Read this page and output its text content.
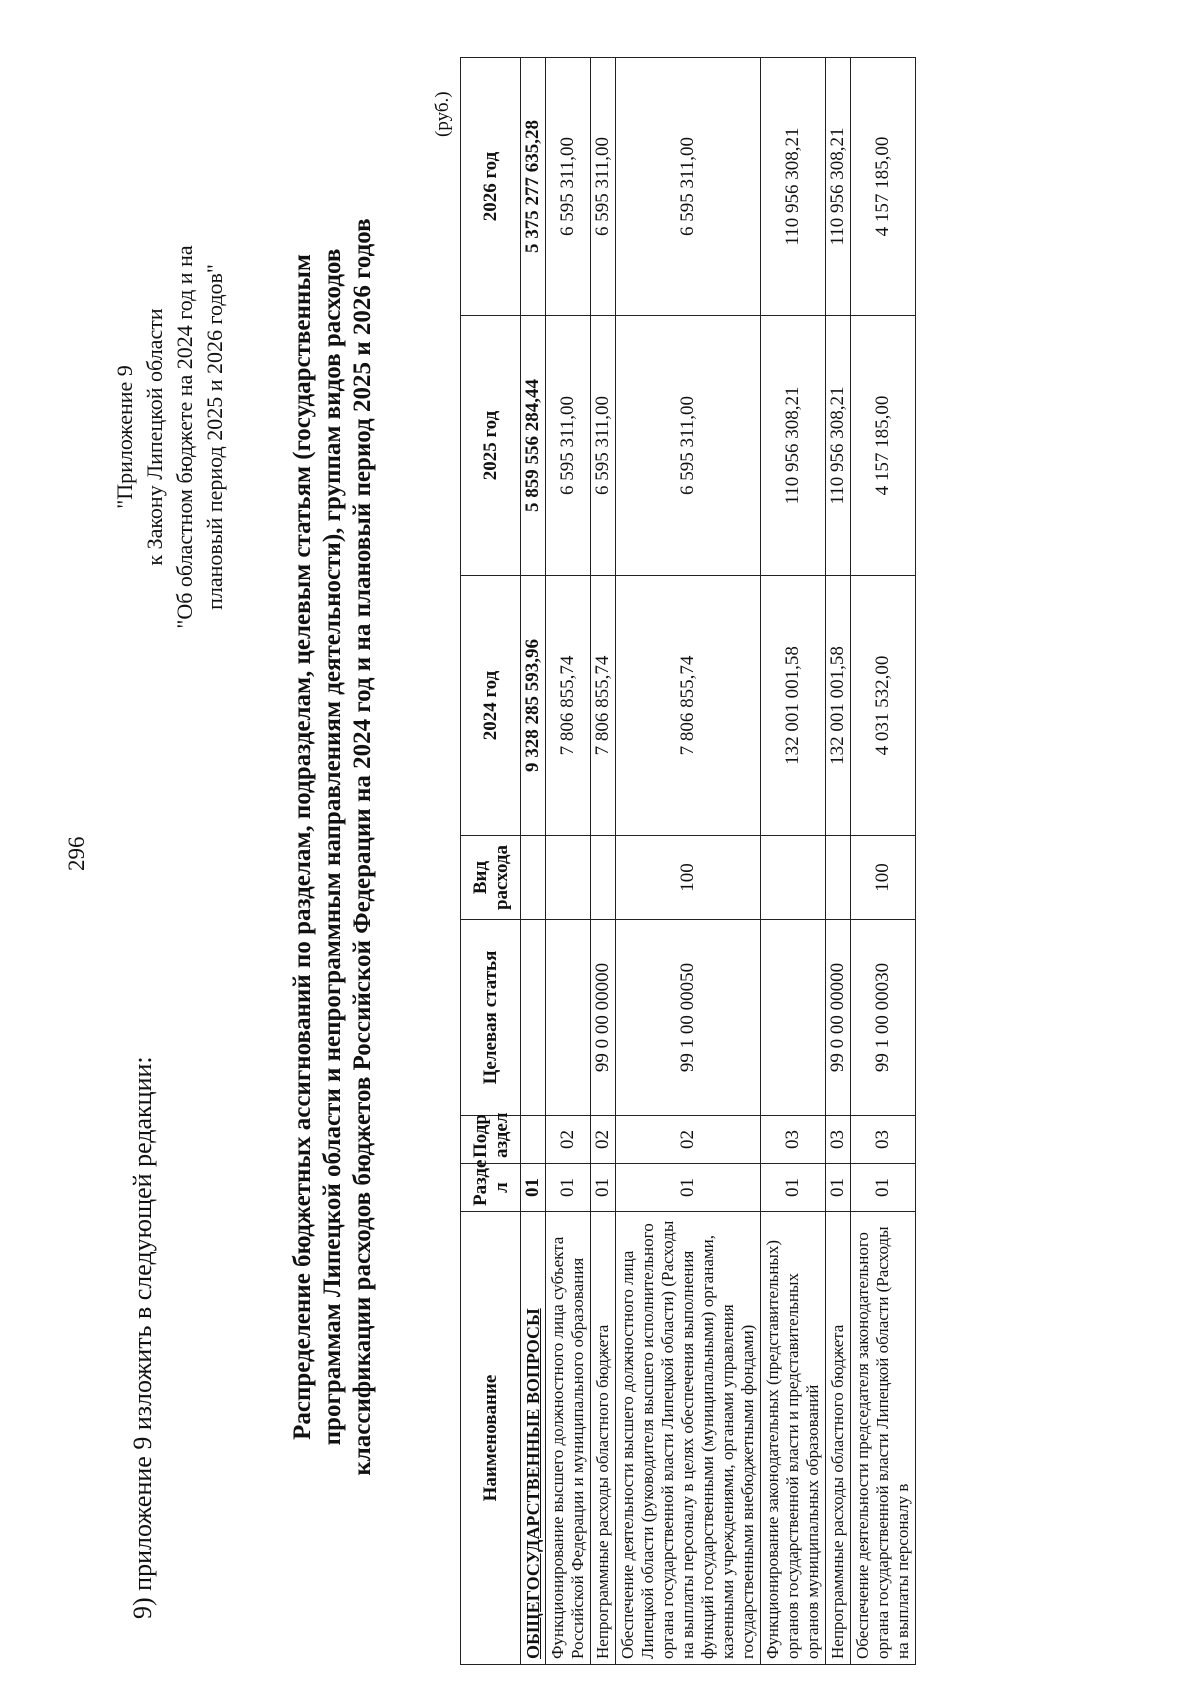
296
9) приложение 9 изложить в следующей редакции:
"Приложение 9 к Закону Липецкой области "Об областном бюджете на 2024 год и на плановый период 2025 и 2026 годов" Распределение бюджетных ассигнований по разделам, подразделам, целевым статьям (государственным программам Липецкой области и непрограммным направлениям деятельности), группам видов расходов классификации расходов бюджетов Российской Федерации на 2024 год и на плановый период 2025 и 2026 годов
(руб.)
Наименование	Разде л	Подр аздел	Целевая статья	Вид расхода	2024 год	2025 год	2026 год
ОБЩЕГОСУДАРСТВЕННЫЕ ВОПРОСЫ	01				9 328 285 593,96	5 859 556 284,44	5 375 277 635,28
Функционирование высшего должностного лица субъекта Российской Федерации и муниципального образования	01	02			7 806 855,74	6 595 311,00	6 595 311,00
Непрограммные расходы областного бюджета	01	02	99 0 00 00000		7 806 855,74	6 595 311,00	6 595 311,00
Обеспечение деятельности высшего должностного лица Липецкой области (руководителя высшего исполнительного органа государственной власти Липецкой области) (Расходы на выплаты персоналу в целях обеспечения выполнения функций государственными (муниципальными) органами, казенными учреждениями, органами управления государственными внебюджетными фондами)	01	02	99 1 00 00050	100	7 806 855,74	6 595 311,00	6 595 311,00
Функционирование законодательных (представительных) органов государственной власти и представительных органов муниципальных образований	01	03			132 001 001,58	110 956 308,21	110 956 308,21
Непрограммные расходы областного бюджета	01	03	99 0 00 00000		132 001 001,58	110 956 308,21	110 956 308,21
Обеспечение деятельности председателя законодательного органа государственной власти Липецкой области (Расходы на выплаты персоналу в	01	03	99 1 00 00030	100	4 031 532,00	4 157 185,00	4 157 185,00
